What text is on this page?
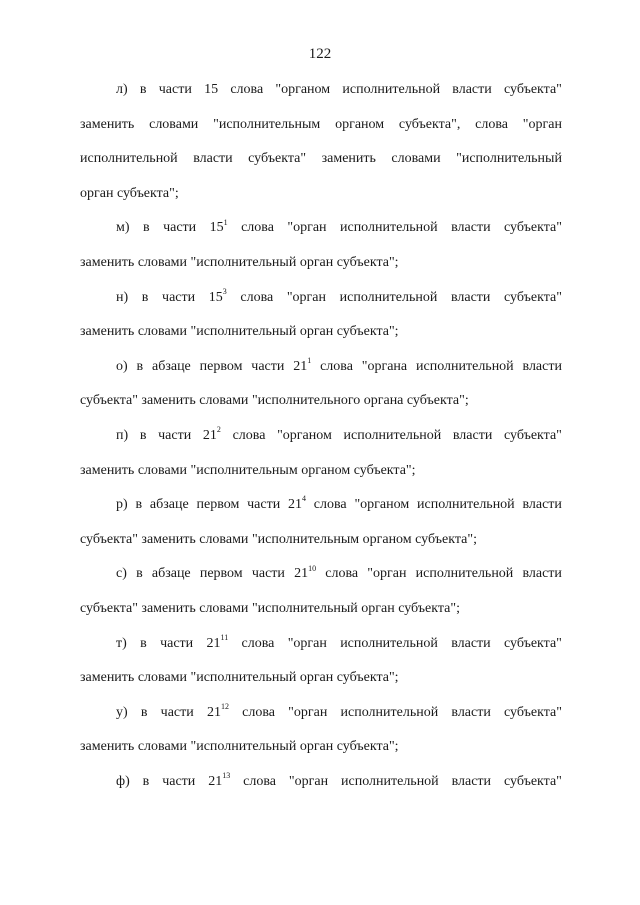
122
л) в части 15 слова "органом исполнительной власти субъекта"
заменить словами "исполнительным органом субъекта", слова "орган
исполнительной власти субъекта" заменить словами "исполнительный
орган субъекта";
м) в части $15^1$ слова "орган исполнительной власти субъекта"
заменить словами "исполнительный орган субъекта";
н) в части $15^3$ слова "орган исполнительной власти субъекта"
заменить словами "исполнительный орган субъекта";
о) в абзаце первом части $21^1$ слова "органа исполнительной власти
субъекта" заменить словами "исполнительного органа субъекта";
п) в части $21^2$ слова "органом исполнительной власти субъекта"
заменить словами "исполнительным органом субъекта";
р) в абзаце первом части $21^4$ слова "органом исполнительной власти
субъекта" заменить словами "исполнительным органом субъекта";
с) в абзаце первом части $21^{10}$ слова "орган исполнительной власти
субъекта" заменить словами "исполнительный орган субъекта";
т) в части $21^{11}$ слова "орган исполнительной власти субъекта"
заменить словами "исполнительный орган субъекта";
у) в части $21^{12}$ слова "орган исполнительной власти субъекта"
заменить словами "исполнительный орган субъекта";
ф) в части $21^{13}$ слова "орган исполнительной власти субъекта"
